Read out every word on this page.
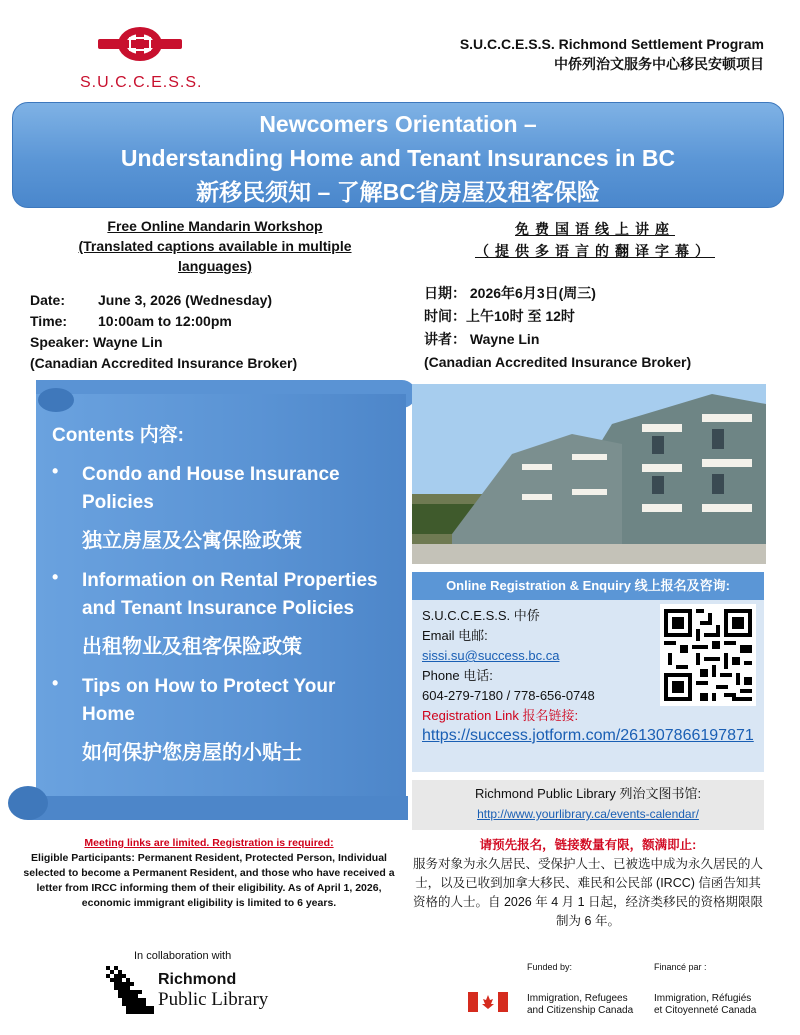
S.U.C.C.E.S.S.
S.U.C.C.E.S.S. Richmond Settlement Program
中侨列治文服务中心移民安顿项目
Newcomers Orientation –
Understanding Home and Tenant Insurances in BC
新移民须知 – 了解BC省房屋及租客保险
Free Online Mandarin Workshop
(Translated captions available in multiple
languages)
Date: June 3, 2026 (Wednesday)
Time: 10:00am to 12:00pm
Speaker: Wayne Lin
(Canadian Accredited Insurance Broker)
免费国语线上讲座
（提供多语言的翻译字幕）
日期： 2026年6月3日(周三)
时间：上午10时 至 12时
讲者： Wayne Lin
(Canadian Accredited Insurance Broker)
Contents 内容:
• Condo and House Insurance Policies
独立房屋及公寓保险政策
• Information on Rental Properties and Tenant Insurance Policies
出租物业及租客保险政策
• Tips on How to Protect Your Home
如何保护您房屋的小贴士
Online Registration & Enquiry 线上报名及咨询:
S.U.C.C.E.S.S. 中侨
Email 电邮:
sissi.su@success.bc.ca
Phone 电话:
604-279-7180 / 778-656-0748
Registration Link 报名链接:
https://success.jotform.com/261307866197871
Richmond Public Library 列治文图书馆:
http://www.yourlibrary.ca/events-calendar/
Meeting links are limited. Registration is required:
Eligible Participants: Permanent Resident, Protected Person, Individual selected to become a Permanent Resident, and those who have received a letter from IRCC informing them of their eligibility. As of April 1, 2026, economic immigrant eligibility is limited to 6 years.
请预先报名，链接数量有限，额满即止:
服务对象为永久居民、受保护人士、已被选中成为永久居民的人士，以及已收到加拿大移民、难民和公民部 (IRCC) 信函告知其资格的人士。自 2026 年 4 月 1 日起，经济类移民的资格期限限制为 6 年。
In collaboration with
Richmond
Public Library
Funded by:	Financé par :
Immigration, Refugees
and Citizenship Canada
Immigration, Réfugiés
et Citoyenneté Canada
